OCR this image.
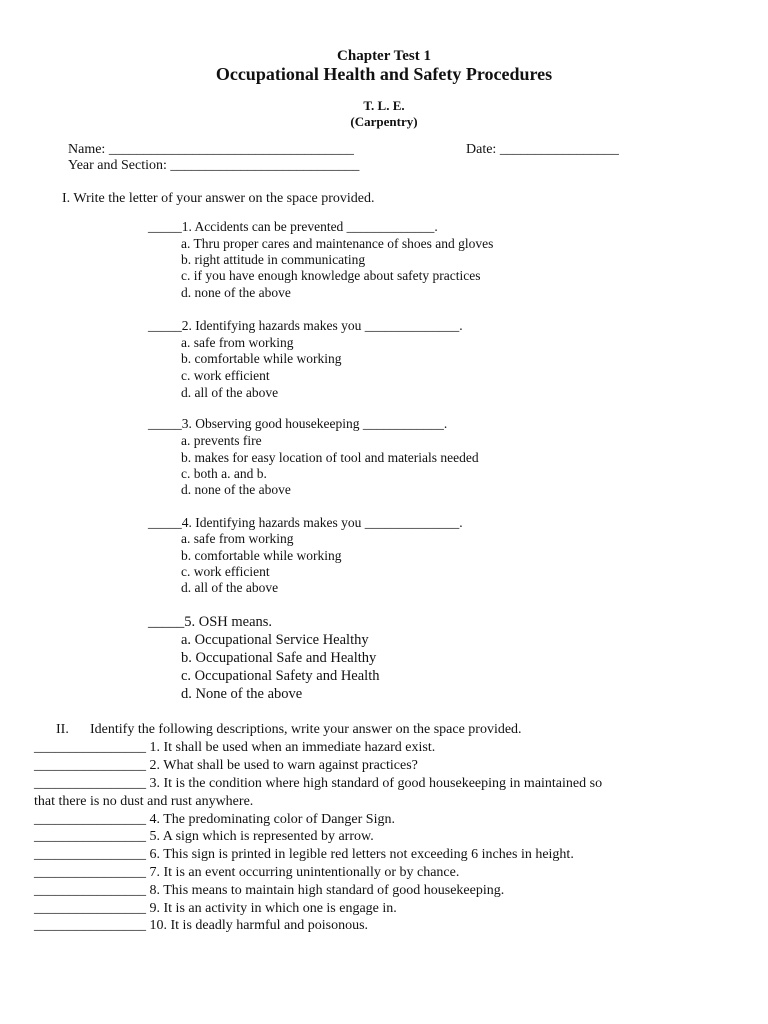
Chapter Test 1
Occupational Health and Safety Procedures
T. L. E.
(Carpentry)
Name: ___________________________________	Date: _________________
Year and Section: ___________________________
I. Write the letter of your answer on the space provided.
_____1. Accidents can be prevented _____________.
a. Thru proper cares and maintenance of shoes and gloves
b. right attitude in communicating
c. if you have enough knowledge about safety practices
d. none of the above
_____2. Identifying hazards makes you ______________.
a. safe from working
b. comfortable while working
c. work efficient
d. all of the above
_____3. Observing good housekeeping ____________.
a. prevents fire
b. makes for easy location of tool and materials needed
c. both a. and b.
d. none of the above
_____4. Identifying hazards makes you ______________.
a. safe from working
b. comfortable while working
c. work efficient
d. all of the above
_____5. OSH means.
a. Occupational Service Healthy
b. Occupational Safe and Healthy
c. Occupational Safety and Health
d. None of the above
II. Identify the following descriptions, write your answer on the space provided.
________________ 1. It shall be used when an immediate hazard exist.
________________ 2. What shall be used to warn against practices?
________________ 3. It is the condition where high standard of good housekeeping in maintained so
that there is no dust and rust anywhere.
________________ 4. The predominating color of Danger Sign.
________________ 5. A sign which is represented by arrow.
________________ 6. This sign is printed in legible red letters not exceeding 6 inches in height.
________________ 7. It is an event occurring unintentionally or by chance.
________________ 8. This means to maintain high standard of good housekeeping.
________________ 9. It is an activity in which one is engage in.
________________ 10. It is deadly harmful and poisonous.
